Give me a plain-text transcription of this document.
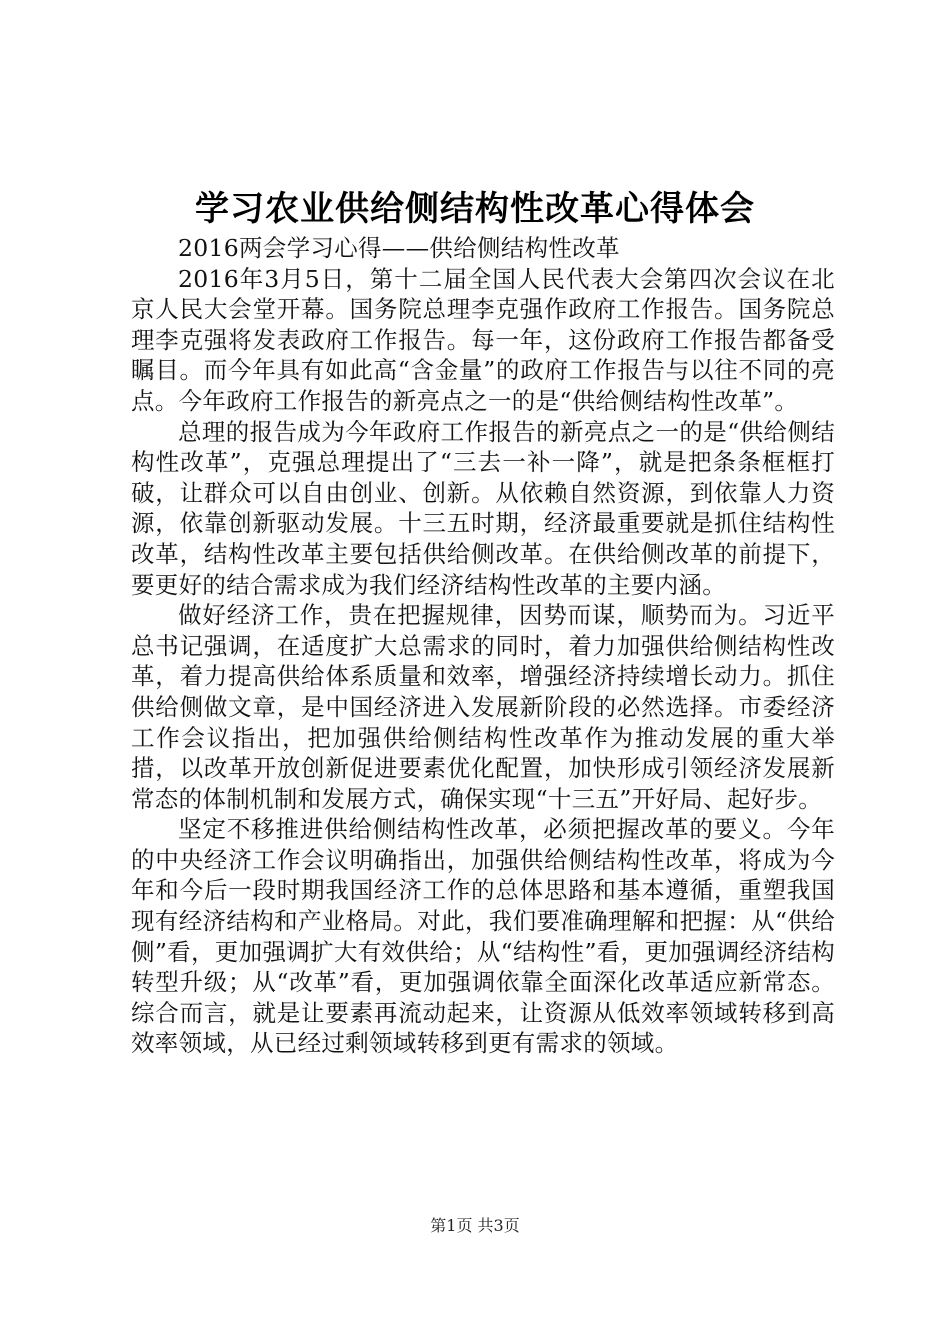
学习农业供给侧结构性改革心得体会

2016两会学习心得——供给侧结构性改革

2016年3月5日，第十二届全国人民代表大会第四次会议在北京人民大会堂开幕。国务院总理李克强作政府工作报告。国务院总理李克强将发表政府工作报告。每一年，这份政府工作报告都备受瞩目。而今年具有如此高“含金量”的政府工作报告与以往不同的亮点。今年政府工作报告的新亮点之一的是“供给侧结构性改革”。

总理的报告成为今年政府工作报告的新亮点之一的是“供给侧结构性改革”，克强总理提出了“三去一补一降”，就是把条条框框打破，让群众可以自由创业、创新。从依赖自然资源，到依靠人力资源，依靠创新驱动发展。十三五时期，经济最重要就是抓住结构性改革，结构性改革主要包括供给侧改革。在供给侧改革的前提下，要更好的结合需求成为我们经济结构性改革的主要内涵。

做好经济工作，贵在把握规律，因势而谋，顺势而为。习近平总书记强调，在适度扩大总需求的同时，着力加强供给侧结构性改革，着力提高供给体系质量和效率，增强经济持续增长动力。抓住供给侧做文章，是中国经济进入发展新阶段的必然选择。市委经济工作会议指出，把加强供给侧结构性改革作为推动发展的重大举措，以改革开放创新促进要素优化配置，加快形成引领经济发展新常态的体制机制和发展方式，确保实现“十三五”开好局、起好步。

坚定不移推进供给侧结构性改革，必须把握改革的要义。今年的中央经济工作会议明确指出，加强供给侧结构性改革，将成为今年和今后一段时期我国经济工作的总体思路和基本遵循，重塑我国现有经济结构和产业格局。对此，我们要准确理解和把握：从“供给侧”看，更加强调扩大有效供给；从“结构性”看，更加强调经济结构转型升级；从“改革”看，更加强调依靠全面深化改革适应新常态。综合而言，就是让要素再流动起来，让资源从低效率领域转移到高效率领域，从已经过剩领域转移到更有需求的领域。

第1页 共3页
